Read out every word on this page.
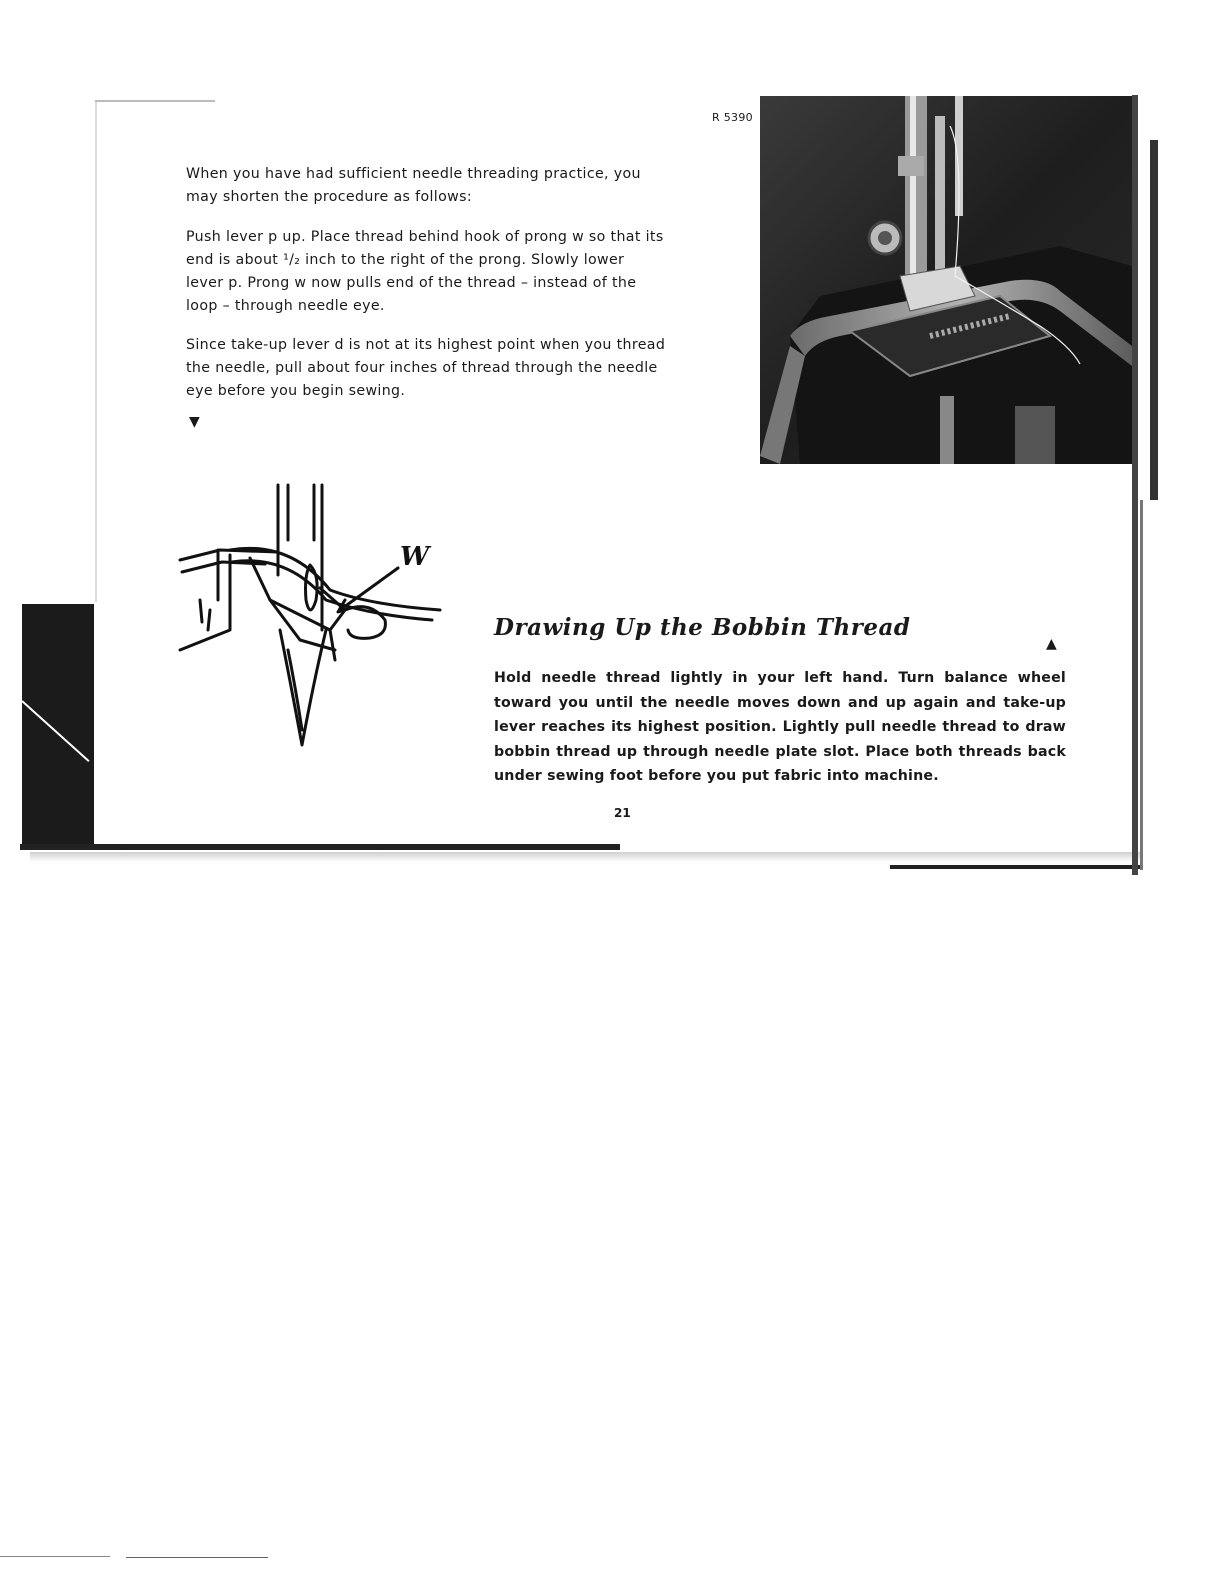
R 5390
When you have had sufficient needle threading practice, you may shorten the procedure as follows:
Push lever p up. Place thread behind hook of prong w so that its end is about ¹/₂ inch to the right of the prong. Slowly lower lever p. Prong w now pulls end of the thread – instead of the loop – through needle eye.
Since take-up lever d is not at its highest point when you thread the needle, pull about four inches of thread through the needle eye before you begin sewing.
▼
W
Drawing Up the Bobbin Thread
▲
Hold needle thread lightly in your left hand. Turn balance wheel toward you until the needle moves down and up again and take-up lever reaches its highest position. Lightly pull needle thread to draw bobbin thread up through needle plate slot. Place both threads back under sewing foot before you put fabric into machine.
21
